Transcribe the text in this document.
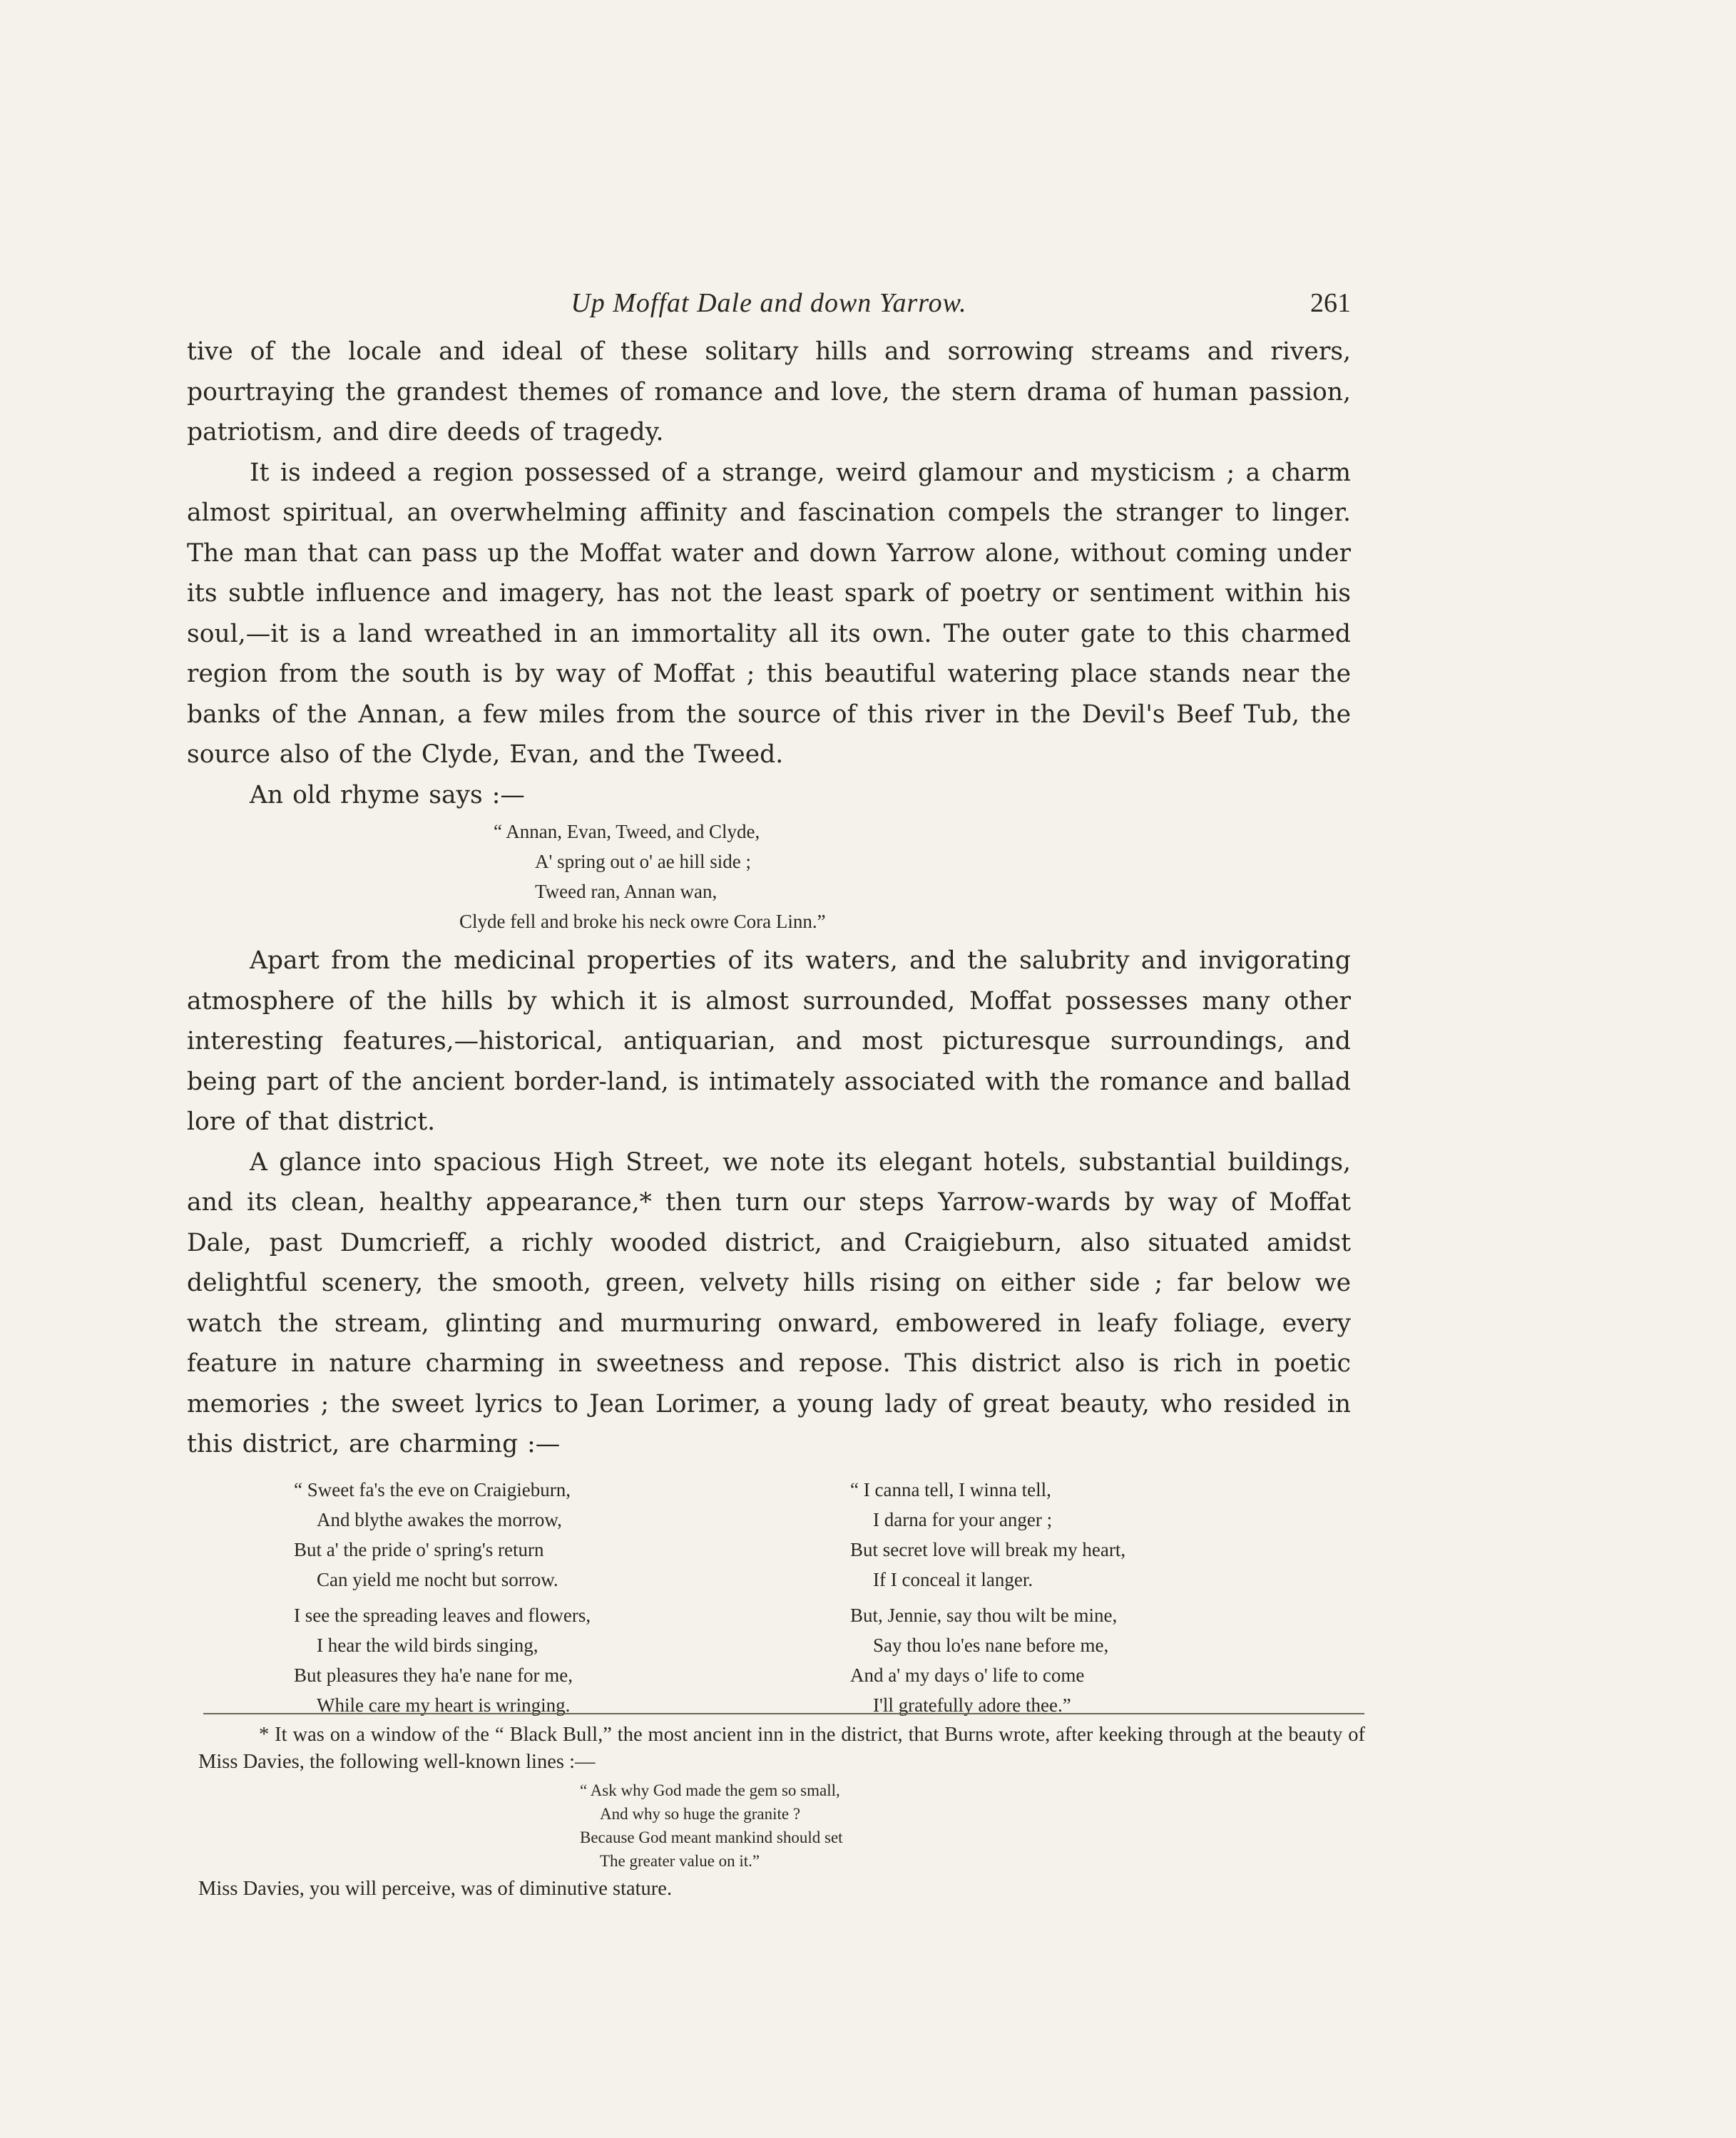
Up Moffat Dale and down Yarrow.	261

tive of the locale and ideal of these solitary hills and sorrowing streams and rivers, pourtraying the grandest themes of romance and love, the stern drama of human passion, patriotism, and dire deeds of tragedy.

It is indeed a region possessed of a strange, weird glamour and mysticism ; a charm almost spiritual, an overwhelming affinity and fascination compels the stranger to linger. The man that can pass up the Moffat water and down Yarrow alone, without coming under its subtle influence and imagery, has not the least spark of poetry or sentiment within his soul,—it is a land wreathed in an immortality all its own. The outer gate to this charmed region from the south is by way of Moffat ; this beautiful watering place stands near the banks of the Annan, a few miles from the source of this river in the Devil's Beef Tub, the source also of the Clyde, Evan, and the Tweed.

An old rhyme says :—

“ Annan, Evan, Tweed, and Clyde,
A' spring out o' ae hill side ;
Tweed ran, Annan wan,
Clyde fell and broke his neck owre Cora Linn.”

Apart from the medicinal properties of its waters, and the salubrity and invigorating atmosphere of the hills by which it is almost surrounded, Moffat possesses many other interesting features,—historical, antiquarian, and most picturesque surroundings, and being part of the ancient border-land, is intimately associated with the romance and ballad lore of that district.

A glance into spacious High Street, we note its elegant hotels, substantial buildings, and its clean, healthy appearance,* then turn our steps Yarrow-wards by way of Moffat Dale, past Dumcrieff, a richly wooded district, and Craigieburn, also situated amidst delightful scenery, the smooth, green, velvety hills rising on either side ; far below we watch the stream, glinting and murmuring onward, embowered in leafy foliage, every feature in nature charming in sweetness and repose. This district also is rich in poetic memories ; the sweet lyrics to Jean Lorimer, a young lady of great beauty, who resided in this district, are charming :—

“ Sweet fa's the eve on Craigieburn,
And blythe awakes the morrow,
But a' the pride o' spring's return
Can yield me nocht but sorrow.
I see the spreading leaves and flowers,
I hear the wild birds singing,
But pleasures they ha'e nane for me,
While care my heart is wringing.
“ I canna tell, I winna tell,
I darna for your anger ;
But secret love will break my heart,
If I conceal it langer.
But, Jennie, say thou wilt be mine,
Say thou lo'es nane before me,
And a' my days o' life to come
I'll gratefully adore thee.”

* It was on a window of the “ Black Bull,” the most ancient inn in the district, that Burns wrote, after keeking through at the beauty of Miss Davies, the following well-known lines :—

“ Ask why God made the gem so small,
And why so huge the granite ?
Because God meant mankind should set
The greater value on it.”

Miss Davies, you will perceive, was of diminutive stature.
